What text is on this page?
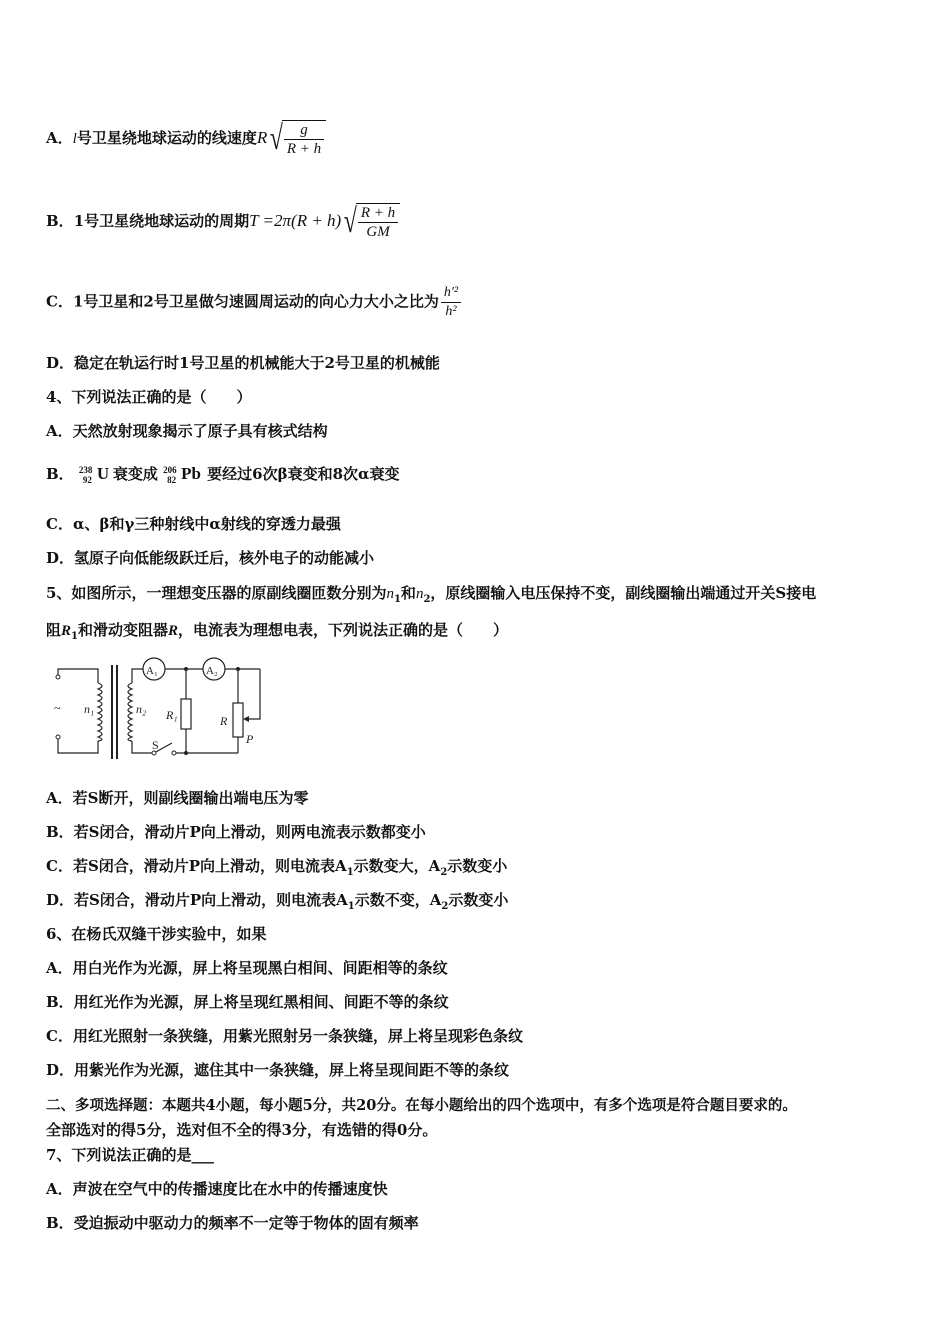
A．l号卫星绕地球运动的线速度$R√ \frac{g}{R + h}$
B．1号卫星绕地球运动的周期$T =2\pi(R + h)√ \frac{R + h}{GM}$
C．1号卫星和2号卫星做匀速圆周运动的向心力大小之比为 $\frac{\text{h′²}}{\text{h²}}$
D．稳定在轨运行时1号卫星的机械能大于2号卫星的机械能
4、下列说法正确的是（　　）
A．天然放射现象揭示了原子具有核式结构
B． 238
92 U 衰变成 206
82 Pb 要经过6次β衰变和8次α衰变
C．α、β和γ三种射线中α射线的穿透力最强
D．氢原子向低能级跃迁后，核外电子的动能减小
5、如图所示，一理想变压器的原副线圈匝数分别为$n_1$和$n_2$，原线圈输入电压保持不变，副线圈输出端通过开关S接电
阻$R_1$和滑动变阻器R，电流表为理想电表，下列说法正确的是（　　）
~ n₁	n₂
A₁	A₂
R₁	R
P
S
A．若S断开，则副线圈输出端电压为零
B．若S闭合，滑动片P向上滑动，则两电流表示数都变小
C．若S闭合，滑动片P向上滑动，则电流表$A_1$示数变大，$A_2$示数变小
D．若S闭合，滑动片P向上滑动，则电流表$A_1$示数不变，$A_2$示数变小
6、在杨氏双缝干涉实验中，如果
A．用白光作为光源，屏上将呈现黑白相间、间距相等的条纹
B．用红光作为光源，屏上将呈现红黑相间、间距不等的条纹
C．用红光照射一条狭缝，用紫光照射另一条狭缝，屏上将呈现彩色条纹
D．用紫光作为光源，遮住其中一条狭缝，屏上将呈现间距不等的条纹
二、多项选择题：本题共4小题，每小题5分，共20分。在每小题给出的四个选项中，有多个选项是符合题目要求的。
全部选对的得5分，选对但不全的得3分，有选错的得0分。
7、下列说法正确的是___
A．声波在空气中的传播速度比在水中的传播速度快
B．受迫振动中驱动力的频率不一定等于物体的固有频率
